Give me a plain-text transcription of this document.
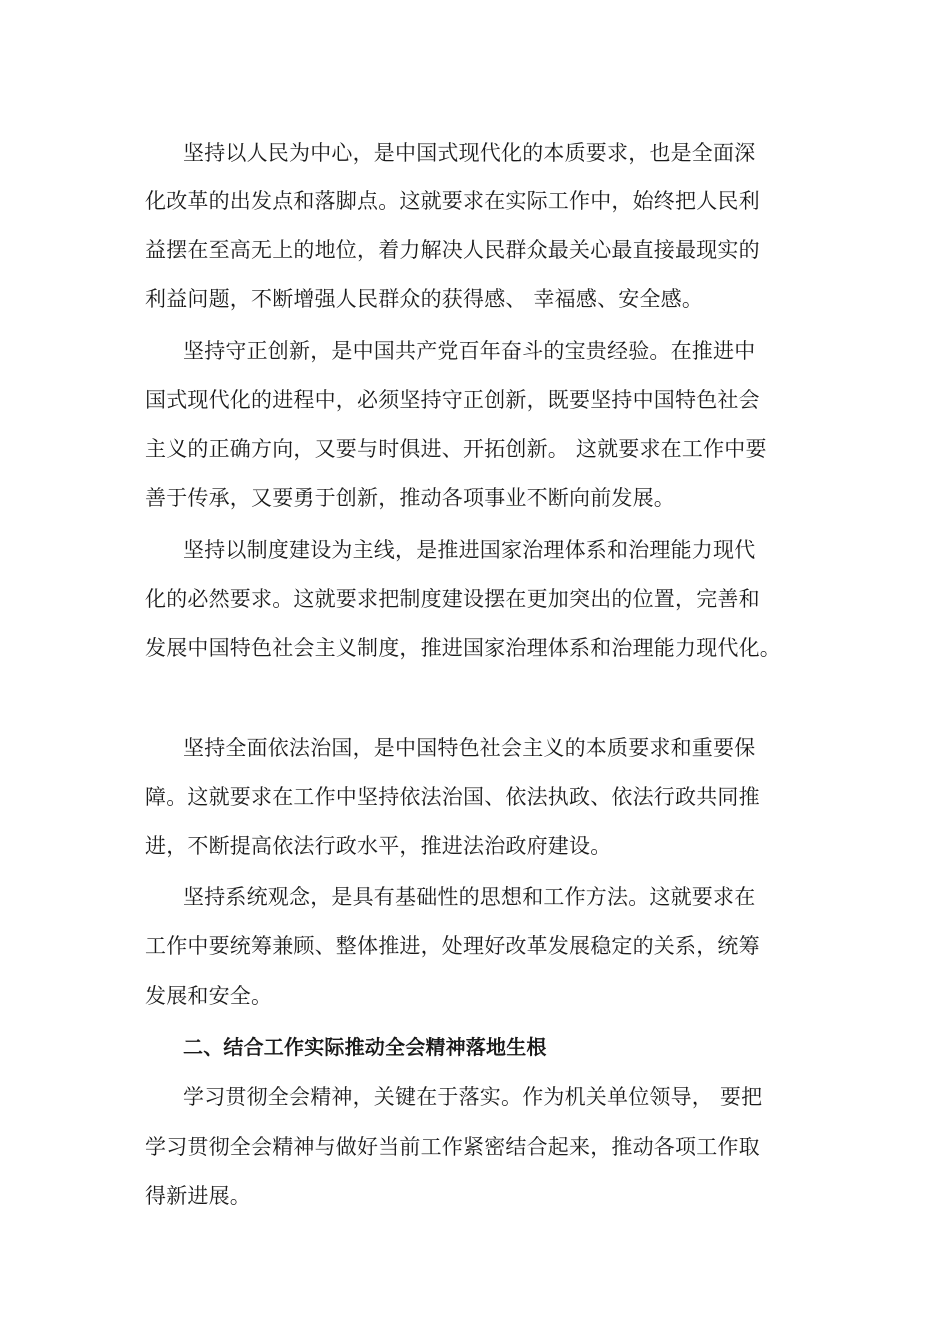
坚持以人民为中心，是中国式现代化的本质要求，也是全面深

化改革的出发点和落脚点。这就要求在实际工作中，始终把人民利

益摆在至高无上的地位，着力解决人民群众最关心最直接最现实的

利益问题，不断增强人民群众的获得感、 幸福感、安全感。

坚持守正创新，是中国共产党百年奋斗的宝贵经验。在推进中

国式现代化的进程中，必须坚持守正创新，既要坚持中国特色社会

主义的正确方向，又要与时俱进、开拓创新。 这就要求在工作中要

善于传承，又要勇于创新，推动各项事业不断向前发展。

坚持以制度建设为主线，是推进国家治理体系和治理能力现代

化的必然要求。这就要求把制度建设摆在更加突出的位置，完善和

发展中国特色社会主义制度，推进国家治理体系和治理能力现代化。

坚持全面依法治国，是中国特色社会主义的本质要求和重要保

障。这就要求在工作中坚持依法治国、依法执政、依法行政共同推

进，不断提高依法行政水平，推进法治政府建设。

坚持系统观念，是具有基础性的思想和工作方法。这就要求在

工作中要统筹兼顾、整体推进，处理好改革发展稳定的关系，统筹

发展和安全。

二、结合工作实际推动全会精神落地生根

学习贯彻全会精神，关键在于落实。作为机关单位领导， 要把

学习贯彻全会精神与做好当前工作紧密结合起来，推动各项工作取

得新进展。
